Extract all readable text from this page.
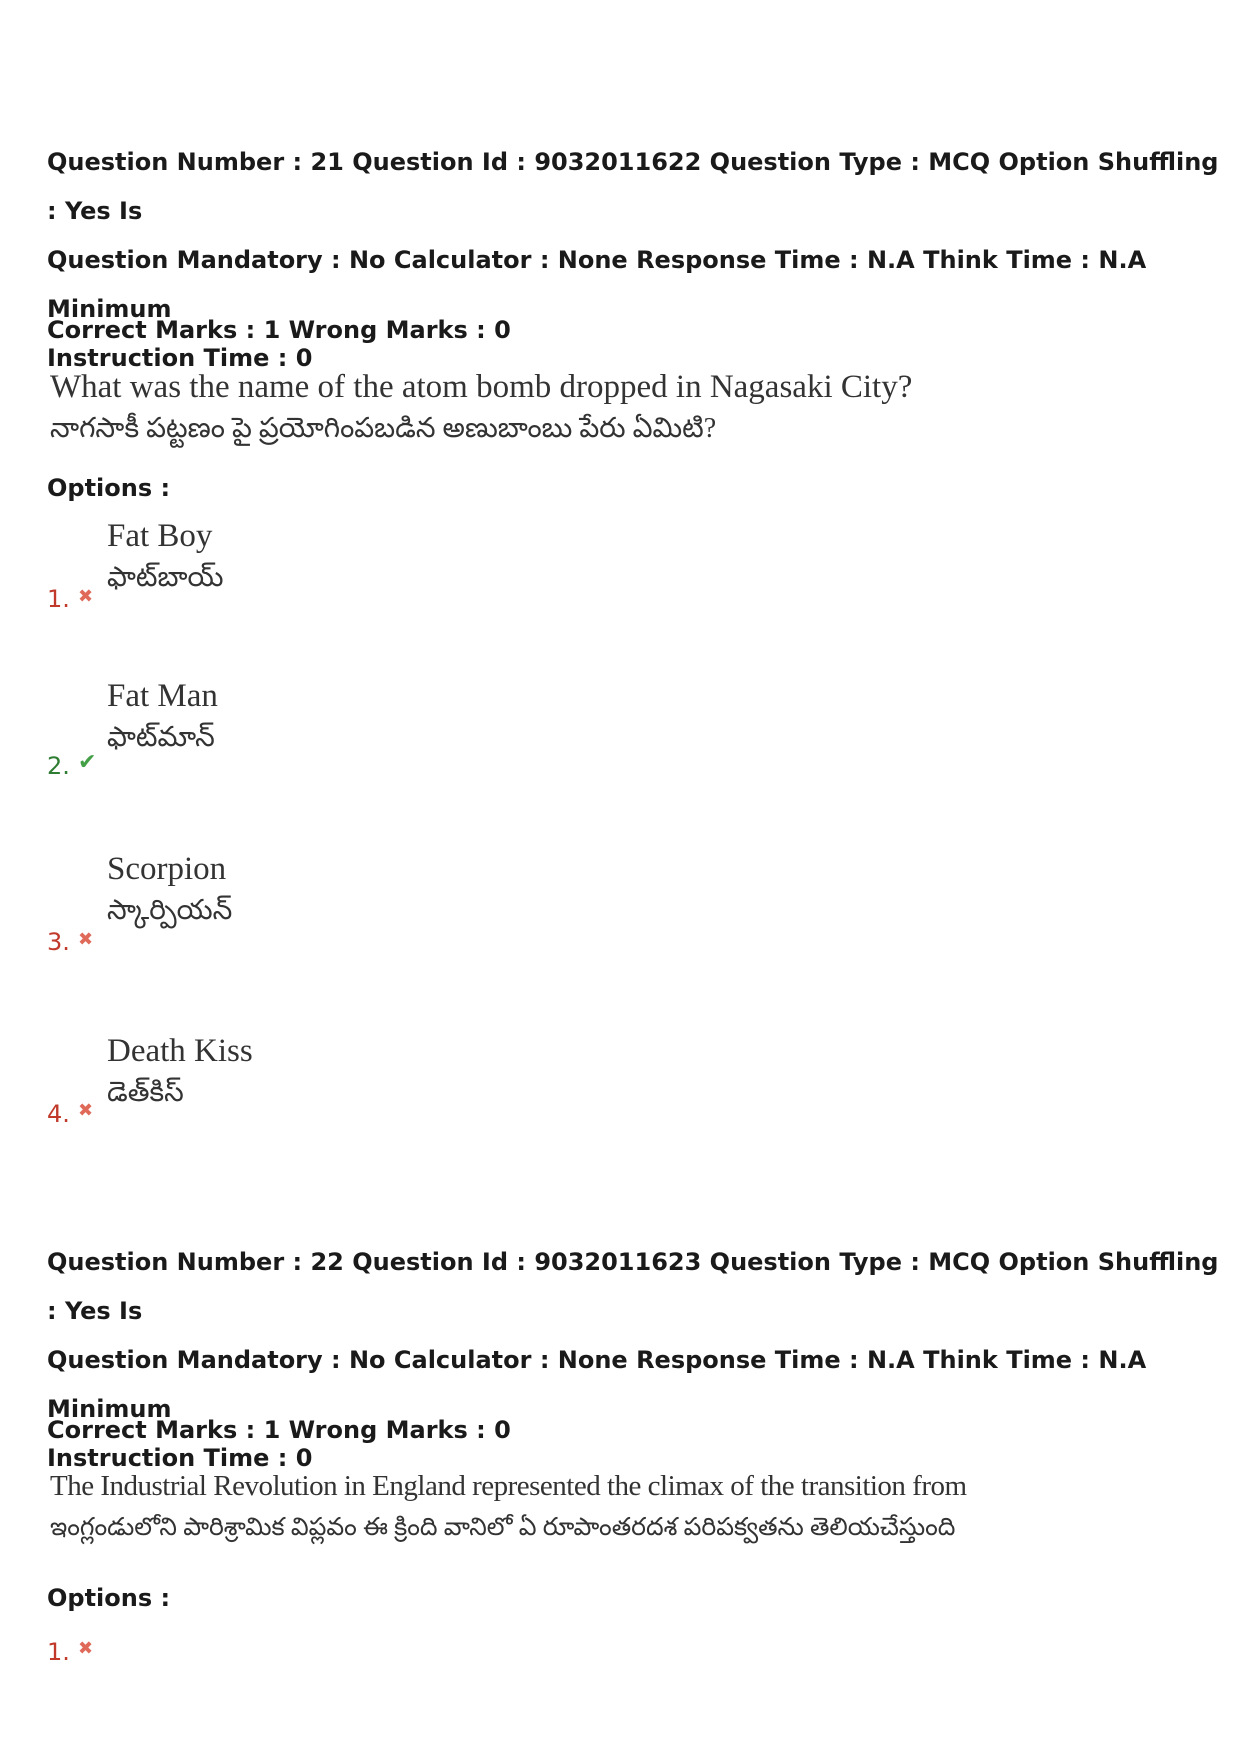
Question Number : 21 Question Id : 9032011622 Question Type : MCQ Option Shuffling : Yes Is
Question Mandatory : No Calculator : None Response Time : N.A Think Time : N.A Minimum
Instruction Time : 0
Correct Marks : 1 Wrong Marks : 0
What was the name of the atom bomb dropped in Nagasaki City?
నాగసాకీ పట్టణం పై ప్రయోగింపబడిన అణుబాంబు పేరు ఏమిటి?
Options :
Fat Boy
ఫాట్‌బాయ్
1. ✖
Fat Man
ఫాట్‌మాన్
2. ✔
Scorpion
స్కార్పియన్
3. ✖
Death Kiss
డెత్‌కిస్
4. ✖
Question Number : 22 Question Id : 9032011623 Question Type : MCQ Option Shuffling : Yes Is
Question Mandatory : No Calculator : None Response Time : N.A Think Time : N.A Minimum
Instruction Time : 0
Correct Marks : 1 Wrong Marks : 0
The Industrial Revolution in England represented the climax of the transition from
ఇంగ్లండులోని పారిశ్రామిక విప్లవం ఈ క్రింది వానిలో ఏ రూపాంతరదశ పరిపక్వతను తెలియచేస్తుంది
Options :
1. ✖
